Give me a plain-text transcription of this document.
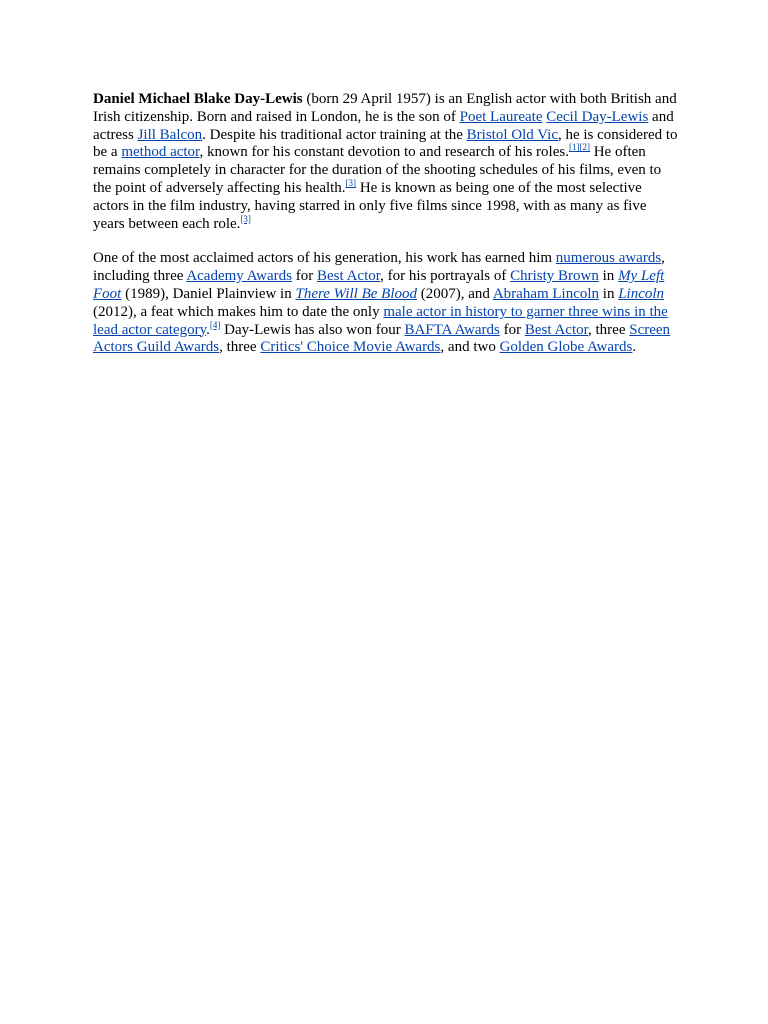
Daniel Michael Blake Day-Lewis (born 29 April 1957) is an English actor with both British and Irish citizenship. Born and raised in London, he is the son of Poet Laureate Cecil Day-Lewis and actress Jill Balcon. Despite his traditional actor training at the Bristol Old Vic, he is considered to be a method actor, known for his constant devotion to and research of his roles.[1][2] He often remains completely in character for the duration of the shooting schedules of his films, even to the point of adversely affecting his health.[3] He is known as being one of the most selective actors in the film industry, having starred in only five films since 1998, with as many as five years between each role.[3]

One of the most acclaimed actors of his generation, his work has earned him numerous awards, including three Academy Awards for Best Actor, for his portrayals of Christy Brown in My Left Foot (1989), Daniel Plainview in There Will Be Blood (2007), and Abraham Lincoln in Lincoln (2012), a feat which makes him to date the only male actor in history to garner three wins in the lead actor category.[4] Day-Lewis has also won four BAFTA Awards for Best Actor, three Screen Actors Guild Awards, three Critics' Choice Movie Awards, and two Golden Globe Awards.
